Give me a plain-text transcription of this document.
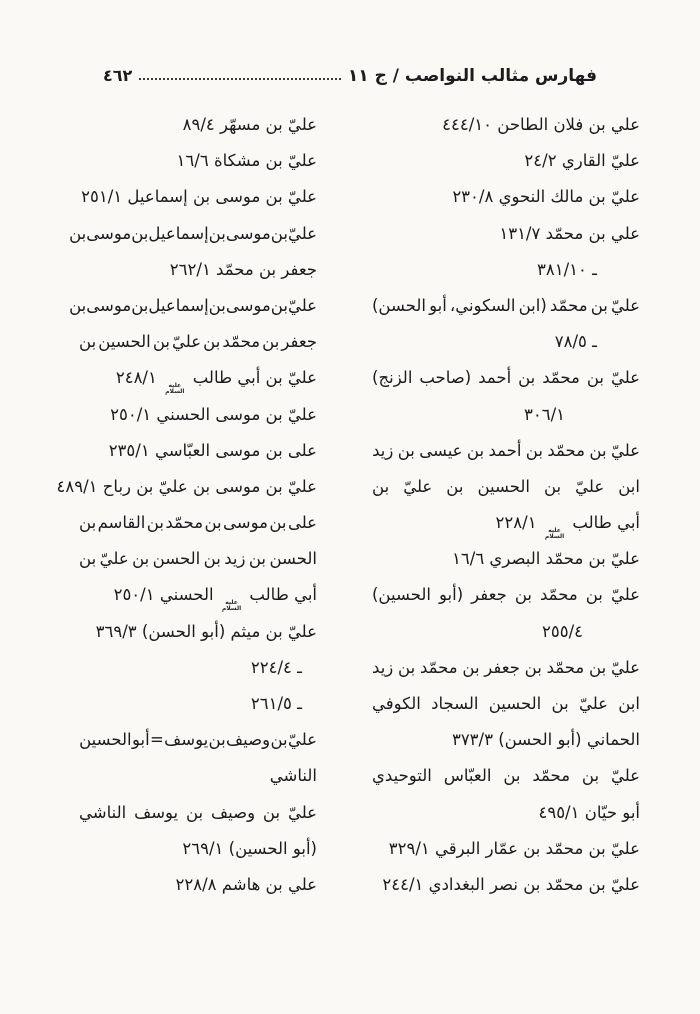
فهارس مثالب النواصب / ج ١١
٤٦٢
علي بن فلان الطاحن ٤٤٤/١٠
عليّ القاري ٢٤/٢
عليّ بن مالك النحوي ٢٣٠/٨
علي بن محمّد ١٣١/٧
ـ ٣٨١/١٠
عليّ
بن
محمّد
(ابن
السكوني،
أبو
الحسن)
ـ ٧٨/٥
عليّ
بن
محمّد
بن
أحمد
(صاحب
الزنج)
٣٠٦/١
عليّ
بن
محمّد
بن
أحمد
بن
عيسى
بن
زيد
ابن
عليّ
بن
الحسين
بن
عليّ
بن
أبي طالب
عليه
السلام
٢٢٨/١
عليّ بن محمّد البصري ١٦/٦
عليّ
بن
محمّد
بن
جعفر
(أبو
الحسين)
٢٥٥/٤
عليّ
بن
محمّد
بن
جعفر
بن
محمّد
بن
زيد
ابن
عليّ
بن
الحسين
السجاد
الكوفي
الحماني (أبو الحسن) ٣٧٣/٣
عليّ
بن
محمّد
بن
العبّاس
التوحيدي
أبو حيّان ٤٩٥/١
عليّ بن محمّد بن عمّار البرقي ٣٢٩/١
عليّ بن محمّد بن نصر البغدادي ٢٤٤/١
عليّ بن مسهّر ٨٩/٤
عليّ بن مشكاة ١٦/٦
عليّ بن موسى بن إسماعيل ٢٥١/١
عليّ
بن
موسى
بن
إسماعيل
بن
موسى
بن
جعفر بن محمّد ٢٦٢/١
عليّ
بن
موسى
بن
إسماعيل
بن
موسى
بن
جعفر
بن
محمّد
بن
عليّ
بن
الحسين
بن
عليّ بن أبي طالب
عليه
السلام
٢٤٨/١
عليّ بن موسى الحسني ٢٥٠/١
على بن موسى العبّاسي ٢٣٥/١
عليّ بن موسى بن عليّ بن رباح ٤٨٩/١
على
بن
موسى
بن
محمّد
بن
القاسم
بن
الحسن
بن
زيد
بن
الحسن
بن
عليّ
بن
أبي طالب
عليه
السلام
الحسني ٢٥٠/١
عليّ بن ميثم (أبو الحسن) ٣٦٩/٣
ـ ٢٢٤/٤
ـ ٢٦١/٥
عليّ
بن
وصيف
بن
يوسف
=
أبو
الحسين
الناشي
عليّ
بن
وصيف
بن
يوسف
الناشي
(أبو الحسين) ٢٦٩/١
علي بن هاشم ٢٢٨/٨
